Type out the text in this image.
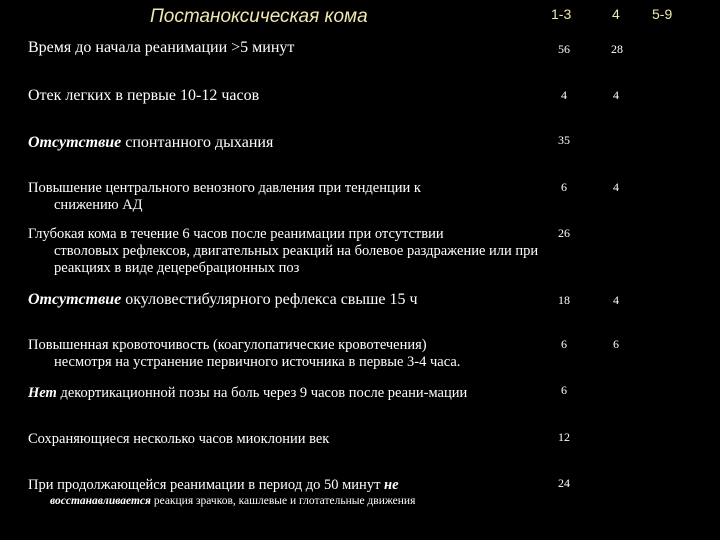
Постаноксическая кома	1-3	4 5-9
Время до начала реанимации >5 минут	56	28
Отек легких в первые 10-12 часов	4	4
Отсутствие спонтанного дыхания	35
Повышение центрального венозного давления при тенденции к
снижению АД
6	4
Глубокая кома в течение 6 часов после реанимации при отсутствии
стволовых рефлексов, двигательных реакций на болевое раздражение или при реакциях в виде децеребрационных поз
26
Отсутствие окуловестибулярного рефлекса свыше 15 ч	18	4
Повышенная кровоточивость (коагулопатические кровотечения)
несмотря на устранение первичного источника в первые 3-4 часа.
6	6
Нет декортикационной позы на боль через 9 часов после реани-мации	6
Сохраняющиеся несколько часов миоклонии век	12
При продолжающейся реанимации в период до 50 минут не
восстанавливается реакция зрачков, кашлевые и глотательные движения
24
